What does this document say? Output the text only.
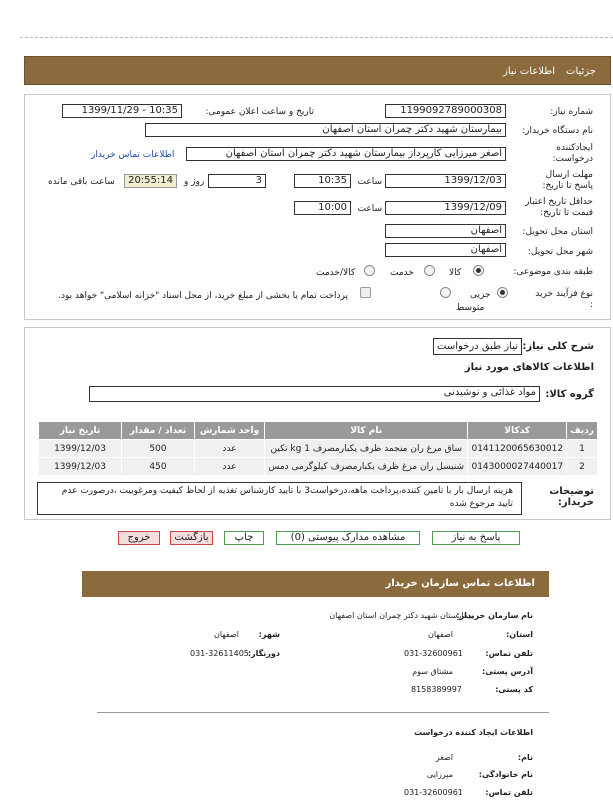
جزئیات
اطلاعات نیاز
شماره نیاز:
1199092789000308
تاریخ و ساعت اعلان عمومی:
1399/11/29 - 10:35
نام دستگاه خریدار:
بیمارستان شهید دکتر چمران استان اصفهان
ایجادکننده درخواست:
اصغر میرزایی کارپرداز بیمارستان شهید دکتر چمران استان اصفهان
اطلاعات تماس خریدار
مهلت ارسال پاسخ تا تاریخ:
1399/12/03
ساعت
10:35
3
روز و
20:55:14
ساعت باقی مانده
حداقل تاریخ اعتبار قیمت تا تاریخ:
1399/12/09
ساعت
10:00
استان محل تحویل:
اصفهان
شهر محل تحویل:
اصفهان
طبقه بندی موضوعی:
کالا
خدمت
کالا/خدمت
نوع فرآیند خرید :
جزیی
متوسط
پرداخت تمام یا بخشی از مبلغ خرید، از محل اسناد "خزانه اسلامی" خواهد بود.
شرح کلی نیاز:
نیاز طبق درخواست
اطلاعات کالاهای مورد نیاز
گروه کالا:
مواد غذائی و نوشیدنی
ردیف	کدکالا	نام کالا	واحد شمارش	تعداد / مقدار	تاریخ نیاز
1	0141120065630012	ساق مرغ ران منجمد ظرف یکبارمصرف 1 kg تکین	عدد	500	1399/12/03
2	0143000027440017	شنیسل ران مرغ ظرف یکبارمصرف کیلوگرمی دمس	عدد	450	1399/12/03
توضیحات خریدار:
هزینه ارسال بار با تامین کننده،پرداخت ماهه،درخواست3 با تایید کارشناس تغذیه از لحاظ کیفیت ومرغوبیت ،درصورت عدم تایید مرجوع شده
پاسخ به نیاز
مشاهده مدارک پیوستی (0)
چاپ
بازگشت
خروج
اطلاعات تماس سازمان خریدار
نام سازمان خریدار:
بیمارستان شهید دکتر چمران استان اصفهان
استان:
اصفهان
شهر:
اصفهان
تلفن تماس:
031-32600961
دورنگار:
031-32611405
آدرس پستی:
مشتاق سوم
کد پستی:
8158389997
اطلاعات ایجاد کننده درخواست
نام:
اصغر
نام خانوادگی:
میرزایی
تلفن تماس:
031-32600961
